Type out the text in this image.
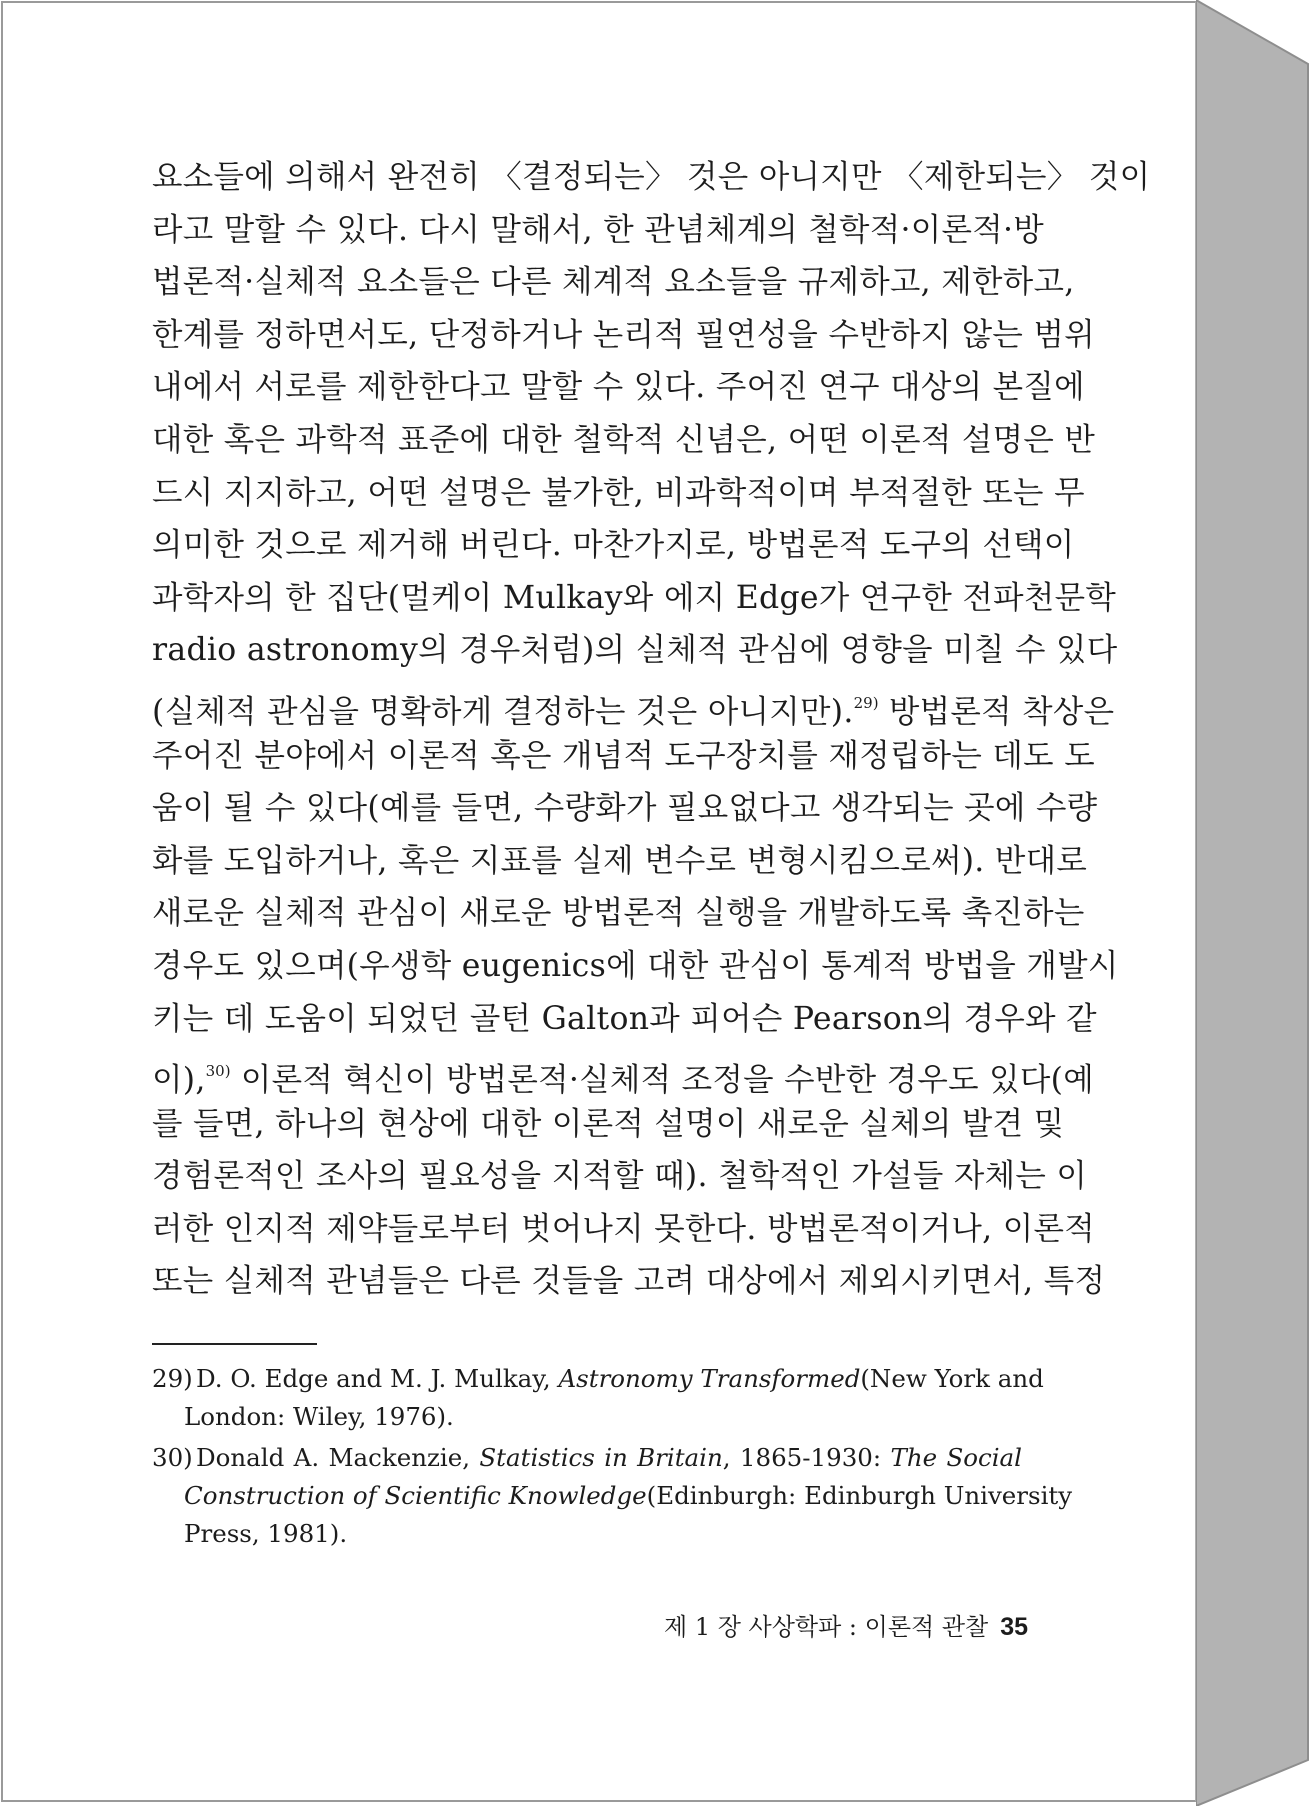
요소들에 의해서 완전히 〈결정되는〉 것은 아니지만 〈제한되는〉 것이
라고 말할 수 있다. 다시 말해서, 한 관념체계의 철학적·이론적·방
법론적·실체적 요소들은 다른 체계적 요소들을 규제하고, 제한하고,
한계를 정하면서도, 단정하거나 논리적 필연성을 수반하지 않는 범위
내에서 서로를 제한한다고 말할 수 있다. 주어진 연구 대상의 본질에
대한 혹은 과학적 표준에 대한 철학적 신념은, 어떤 이론적 설명은 반
드시 지지하고, 어떤 설명은 불가한, 비과학적이며 부적절한 또는 무
의미한 것으로 제거해 버린다. 마찬가지로, 방법론적 도구의 선택이
과학자의 한 집단(멀케이 Mulkay와 에지 Edge가 연구한 전파천문학
radio astronomy의 경우처럼)의 실체적 관심에 영향을 미칠 수 있다
(실체적 관심을 명확하게 결정하는 것은 아니지만).$^{29)}$ 방법론적 착상은
주어진 분야에서 이론적 혹은 개념적 도구장치를 재정립하는 데도 도
움이 될 수 있다(예를 들면, 수량화가 필요없다고 생각되는 곳에 수량
화를 도입하거나, 혹은 지표를 실제 변수로 변형시킴으로써). 반대로
새로운 실체적 관심이 새로운 방법론적 실행을 개발하도록 촉진하는
경우도 있으며(우생학 eugenics에 대한 관심이 통계적 방법을 개발시
키는 데 도움이 되었던 골턴 Galton과 피어슨 Pearson의 경우와 같
이),$^{30)}$ 이론적 혁신이 방법론적·실체적 조정을 수반한 경우도 있다(예
를 들면, 하나의 현상에 대한 이론적 설명이 새로운 실체의 발견 및
경험론적인 조사의 필요성을 지적할 때). 철학적인 가설들 자체는 이
러한 인지적 제약들로부터 벗어나지 못한다. 방법론적이거나, 이론적
또는 실체적 관념들은 다른 것들을 고려 대상에서 제외시키면서, 특정
29) D. O. Edge and M. J. Mulkay, Astronomy Transformed(New York and
London: Wiley, 1976).
30) Donald A. Mackenzie, Statistics in Britain, 1865-1930: The Social
Construction of Scientific Knowledge(Edinburgh: Edinburgh University
Press, 1981).
제 1 장 사상학파 : 이론적 관찰 35
